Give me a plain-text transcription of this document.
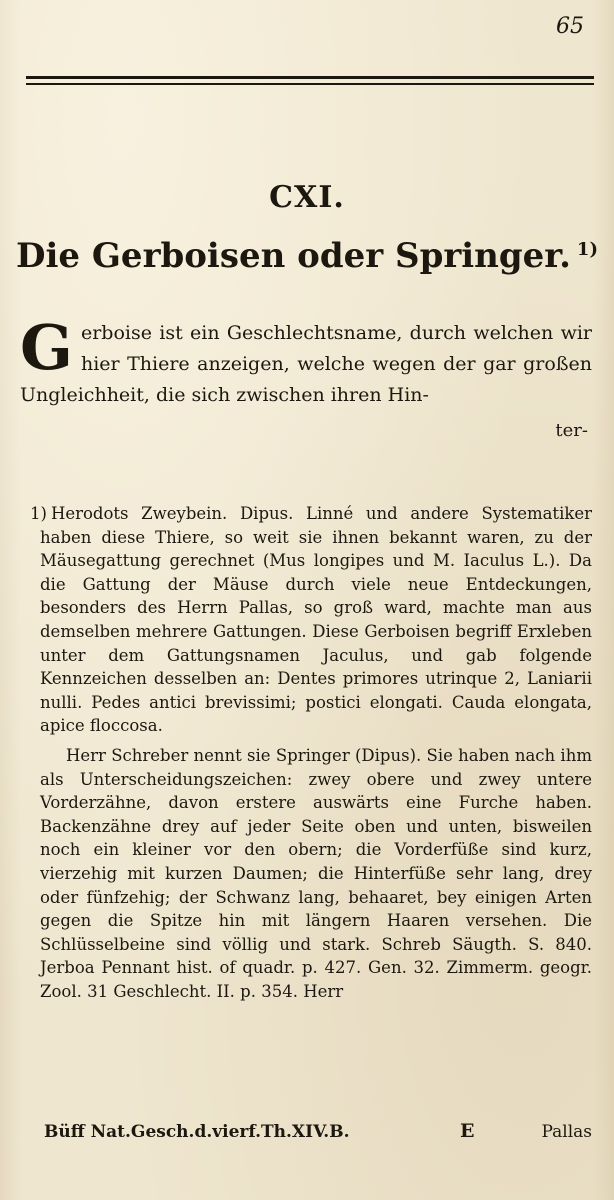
65
CXI.
Die Gerboisen oder Springer. $^{1)}$
Gerboise ist ein Geschlechtsname, durch welchen wir hier Thiere anzeigen, welche wegen der gar großen Ungleichheit, die sich zwischen ihren Hin-
ter-

1) Herodots Zweybein. Dipus. Linné und andere Systematiker haben diese Thiere, so weit sie ihnen bekannt waren, zu der Mäusegattung gerechnet (Mus longipes und M. Iaculus L.). Da die Gattung der Mäuse durch viele neue Entdeckungen, besonders des Herrn Pallas, so groß ward, machte man aus demselben mehrere Gattungen. Diese Gerboisen begriff Erxleben unter dem Gattungsnamen Jaculus, und gab folgende Kennzeichen desselben an: Dentes primores utrinque 2, Laniarii nulli. Pedes antici brevissimi; postici elongati. Cauda elongata, apice floccosa.

Herr Schreber nennt sie Springer (Dipus). Sie haben nach ihm als Unterscheidungszeichen: zwey obere und zwey untere Vorderzähne, davon erstere auswärts eine Furche haben. Backenzähne drey auf jeder Seite oben und unten, bisweilen noch ein kleiner vor den obern; die Vorderfüße sind kurz, vierzehig mit kurzen Daumen; die Hinterfüße sehr lang, drey oder fünfzehig; der Schwanz lang, behaaret, bey einigen Arten gegen die Spitze hin mit längern Haaren versehen. Die Schlüsselbeine sind völlig und stark. Schreb Säugth. S. 840. Jerboa Pennant hist. of quadr. p. 427. Gen. 32. Zimmerm. geogr. Zool. 31 Geschlecht. II. p. 354. Herr

Büff Nat.Gesch.d.vierf.Th.XIV.B.	E	Pallas
